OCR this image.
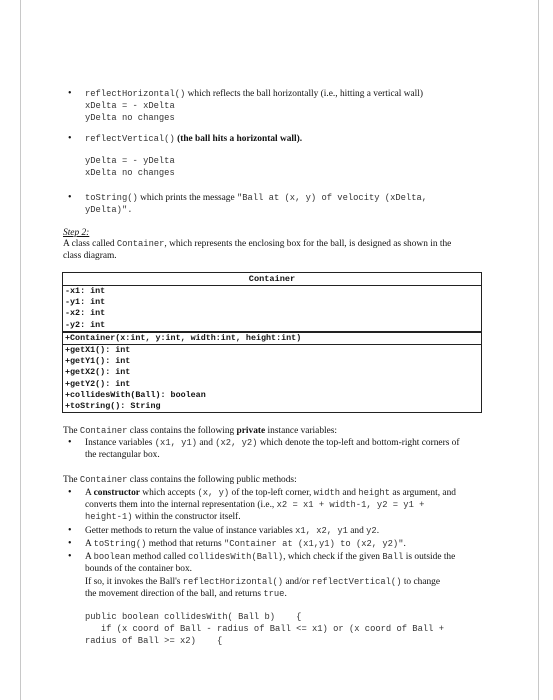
• reflectHorizontal() which reflects the ball horizontally (i.e., hitting a vertical wall)
xDelta = - xDelta
yDelta no changes
• reflectVertical() (the ball hits a horizontal wall).
yDelta = - yDelta
xDelta no changes
• toString() which prints the message "Ball at (x, y) of velocity (xDelta,
yDelta)".
Step 2:
A class called Container, which represents the enclosing box for the ball, is designed as shown in the
class diagram.
Container
-x1: int
-y1: int
-x2: int
-y2: int
+Container(x:int, y:int, width:int, height:int)
+getX1(): int
+getY1(): int
+getX2(): int
+getY2(): int
+collidesWith(Ball): boolean
+toString(): String
The Container class contains the following private instance variables:
• Instance variables (x1, y1) and (x2, y2) which denote the top-left and bottom-right corners of
the rectangular box.
The Container class contains the following public methods:
• A constructor which accepts (x, y) of the top-left corner, width and height as argument, and
converts them into the internal representation (i.e., x2 = x1 + width-1, y2 = y1 +
height-1) within the constructor itself.
• Getter methods to return the value of instance variables x1, x2, y1 and y2.
• A toString() method that returns "Container at (x1,y1) to (x2, y2)".
• A boolean method called collidesWith(Ball), which check if the given Ball is outside the
bounds of the container box.
If so, it invokes the Ball's reflectHorizontal() and/or reflectVertical() to change
the movement direction of the ball, and returns true.
public boolean collidesWith( Ball b)    {
if (x coord of Ball - radius of Ball <= x1) or (x coord of Ball +
radius of Ball >= x2)    {
